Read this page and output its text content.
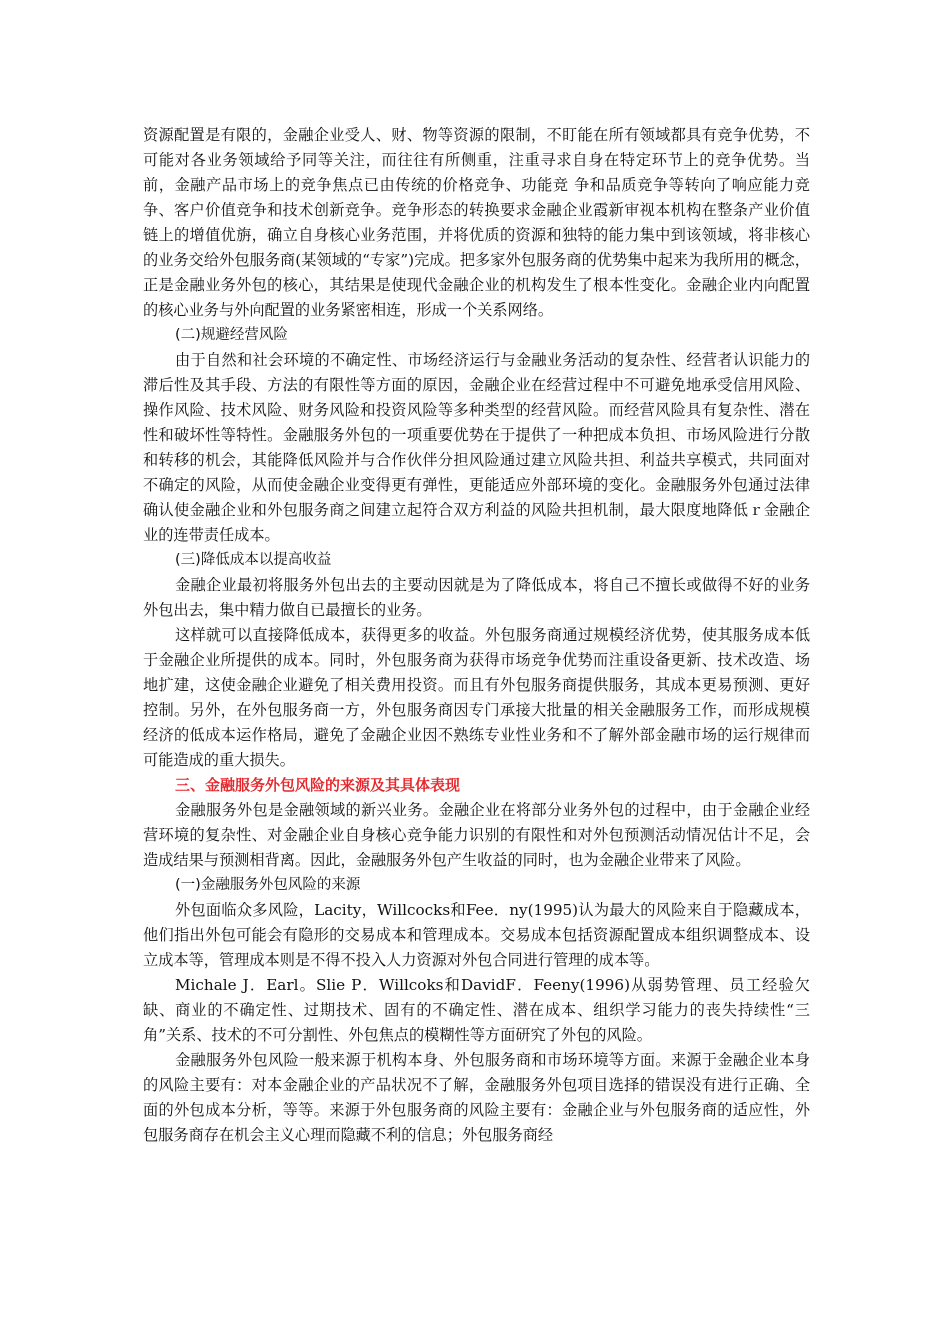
资源配置是有限的，金融企业受人、财、物等资源的限制，不盯能在所有领域都具有竞争优势，不可能对各业务领域给予同等关注，而往往有所侧重，注重寻求自身在特定环节上的竞争优势。当前，金融产品市场上的竞争焦点已由传统的价格竞争、功能竞 争和品质竞争等转向了响应能力竞争、客户价值竞争和技术创新竞争。竞争形态的转换要求金融企业霞新审视本机构在整条产业价值链上的增值优旃，确立自身核心业务范围，并将优质的资源和独特的能力集中到该领域，将非核心的业务交给外包服务商(某领域的“专家”)完成。把多家外包服务商的优势集中起来为我所用的概念，正是金融业务外包的核心，其结果是使现代金融企业的机构发生了根本性变化。金融企业内向配置的核心业务与外向配置的业务紧密相连，形成一个关系网络。

(二)规避经营风险

由于自然和社会环境的不确定性、市场经济运行与金融业务活动的复杂性、经营者认识能力的滞后性及其手段、方法的有限性等方面的原因，金融企业在经营过程中不可避免地承受信用风险、操作风险、技术风险、财务风险和投资风险等多种类型的经营风险。而经营风险具有复杂性、潜在性和破坏性等特性。金融服务外包的一项重要优势在于提供了一种把成本负担、市场风险进行分散和转移的机会，其能降低风险并与合作伙伴分担风险通过建立风险共担、利益共享模式，共同面对不确定的风险，从而使金融企业变得更有弹性，更能适应外部环境的变化。金融服务外包通过法律确认使金融企业和外包服务商之间建立起符合双方利益的风险共担机制，最大限度地降低ｒ金融企业的连带责任成本。

(三)降低成本以提高收益

金融企业最初将服务外包出去的主要动因就是为了降低成本，将自己不擅长或做得不好的业务外包出去，集中精力做自已最擅长的业务。

这样就可以直接降低成本，获得更多的收益。外包服务商通过规模经济优势，使其服务成本低于金融企业所提供的成本。同时，外包服务商为获得市场竞争优势而注重设备更新、技术改造、场地扩建，这使金融企业避免了相关费用投资。而且有外包服务商提供服务，其成本更易预测、更好控制。另外，在外包服务商一方，外包服务商因专门承接大批量的相关金融服务工作，而形成规模经济的低成本运作格局，避免了金融企业因不熟练专业性业务和不了解外部金融市场的运行规律而可能造成的重大损失。

三、金融服务外包风险的来源及其具体表现

金融服务外包是金融领域的新兴业务。金融企业在将部分业务外包的过程中，由于金融企业经营环境的复杂性、对金融企业自身核心竞争能力识别的有限性和对外包预测活动情况估计不足，会造成结果与预测相背离。因此，金融服务外包产生收益的同时，也为金融企业带来了风险。

(一)金融服务外包风险的来源

外包面临众多风险，Lacity，Willcocks和Fee．ny(1995)认为最大的风险来自于隐藏成本，他们指出外包可能会有隐形的交易成本和管理成本。交易成本包括资源配置成本组织调整成本、设立成本等，管理成本则是不得不投入人力资源对外包合同进行管理的成本等。

Michale J．Earl。Slie P．Willcoks和DavidF．Feeny(1996)从弱势管理、员工经验欠缺、商业的不确定性、过期技术、固有的不确定性、潜在成本、组织学习能力的丧失持续性“三角”关系、技术的不可分割性、外包焦点的模糊性等方面研究了外包的风险。

金融服务外包风险一般来源于机构本身、外包服务商和市场环境等方面。来源于金融企业本身的风险主要有：对本金融企业的产品状况不了解，金融服务外包项目选择的错误没有进行正确、全面的外包成本分析，等等。来源于外包服务商的风险主要有：金融企业与外包服务商的适应性，外包服务商存在机会主义心理而隐藏不利的信息；外包服务商经
